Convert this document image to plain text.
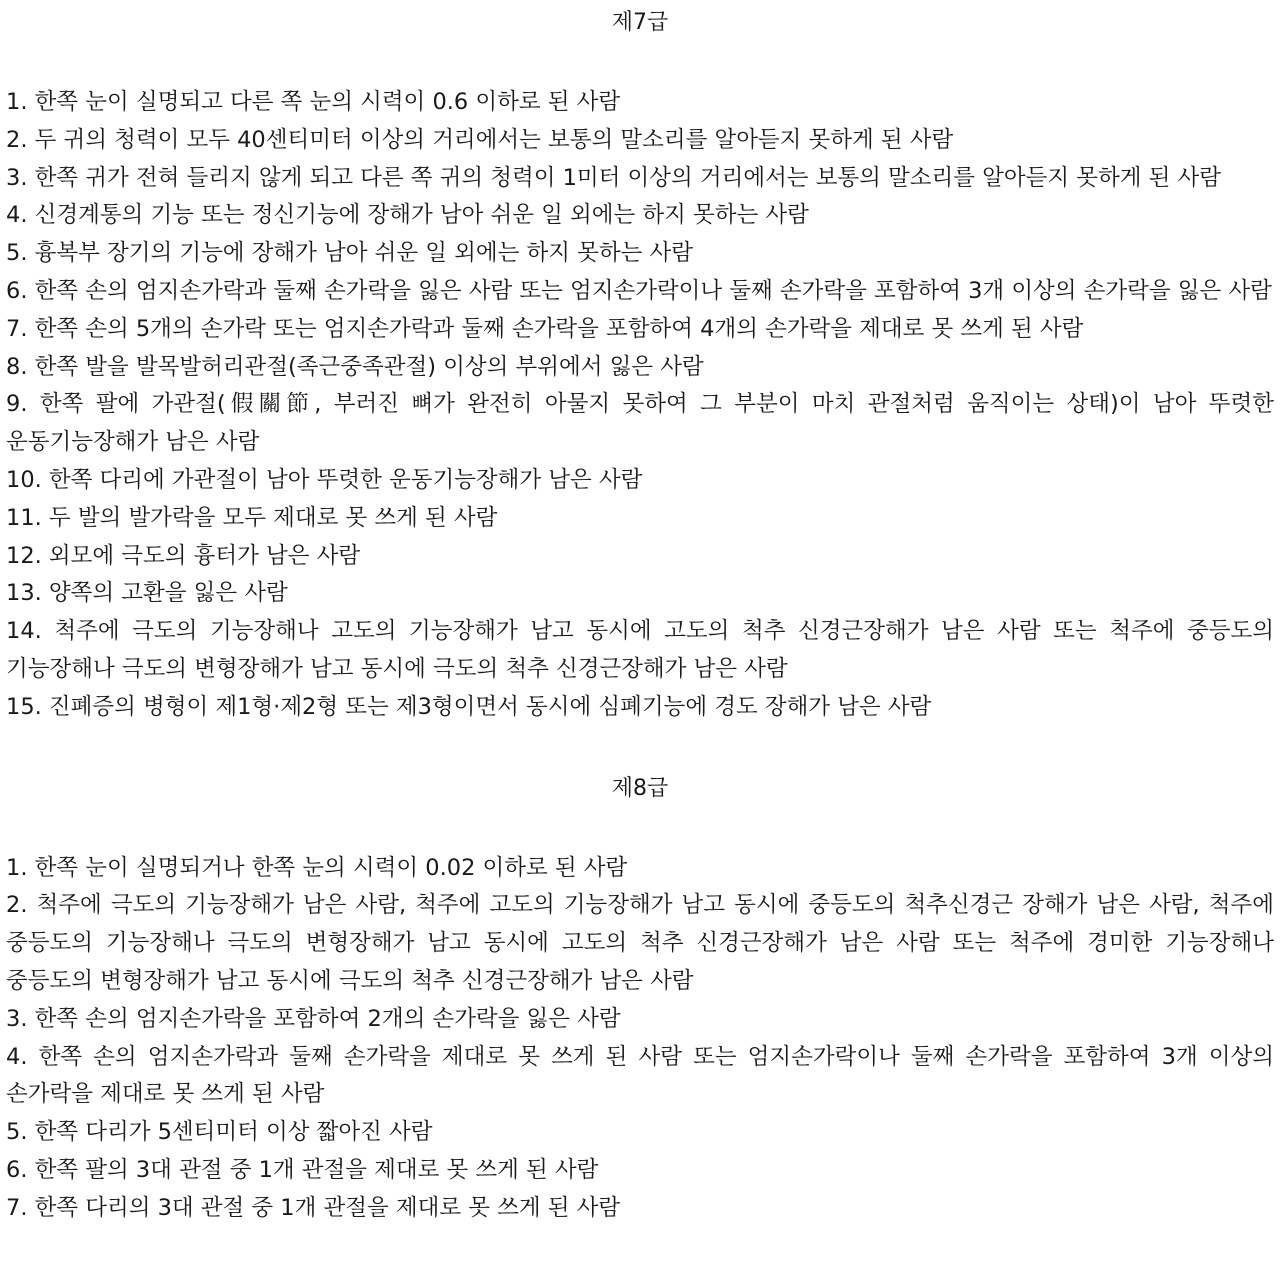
제7급
1. 한쪽 눈이 실명되고 다른 쪽 눈의 시력이 0.6 이하로 된 사람
2. 두 귀의 청력이 모두 40센티미터 이상의 거리에서는 보통의 말소리를 알아듣지 못하게 된 사람
3. 한쪽 귀가 전혀 들리지 않게 되고 다른 쪽 귀의 청력이 1미터 이상의 거리에서는 보통의 말소리를 알아듣지 못하게 된 사람
4. 신경계통의 기능 또는 정신기능에 장해가 남아 쉬운 일 외에는 하지 못하는 사람
5. 흉복부 장기의 기능에 장해가 남아 쉬운 일 외에는 하지 못하는 사람
6. 한쪽 손의 엄지손가락과 둘째 손가락을 잃은 사람 또는 엄지손가락이나 둘째 손가락을 포함하여 3개 이상의 손가락을 잃은 사람
7. 한쪽 손의 5개의 손가락 또는 엄지손가락과 둘째 손가락을 포함하여 4개의 손가락을 제대로 못 쓰게 된 사람
8. 한쪽 발을 발목발허리관절(족근중족관절) 이상의 부위에서 잃은 사람
9. 한쪽 팔에 가관절(假關節, 부러진 뼈가 완전히 아물지 못하여 그 부분이 마치 관절처럼 움직이는 상태)이 남아 뚜렷한 운동기능장해가 남은 사람
10. 한쪽 다리에 가관절이 남아 뚜렷한 운동기능장해가 남은 사람
11. 두 발의 발가락을 모두 제대로 못 쓰게 된 사람
12. 외모에 극도의 흉터가 남은 사람
13. 양쪽의 고환을 잃은 사람
14. 척주에 극도의 기능장해나 고도의 기능장해가 남고 동시에 고도의 척추 신경근장해가 남은 사람 또는 척주에 중등도의 기능장해나 극도의 변형장해가 남고 동시에 극도의 척추 신경근장해가 남은 사람
15. 진폐증의 병형이 제1형·제2형 또는 제3형이면서 동시에 심폐기능에 경도 장해가 남은 사람
제8급
1. 한쪽 눈이 실명되거나 한쪽 눈의 시력이 0.02 이하로 된 사람
2. 척주에 극도의 기능장해가 남은 사람, 척주에 고도의 기능장해가 남고 동시에 중등도의 척추신경근 장해가 남은 사람, 척주에 중등도의 기능장해나 극도의 변형장해가 남고 동시에 고도의 척추 신경근장해가 남은 사람 또는 척주에 경미한 기능장해나 중등도의 변형장해가 남고 동시에 극도의 척추 신경근장해가 남은 사람
3. 한쪽 손의 엄지손가락을 포함하여 2개의 손가락을 잃은 사람
4. 한쪽 손의 엄지손가락과 둘째 손가락을 제대로 못 쓰게 된 사람 또는 엄지손가락이나 둘째 손가락을 포함하여 3개 이상의 손가락을 제대로 못 쓰게 된 사람
5. 한쪽 다리가 5센티미터 이상 짧아진 사람
6. 한쪽 팔의 3대 관절 중 1개 관절을 제대로 못 쓰게 된 사람
7. 한쪽 다리의 3대 관절 중 1개 관절을 제대로 못 쓰게 된 사람
